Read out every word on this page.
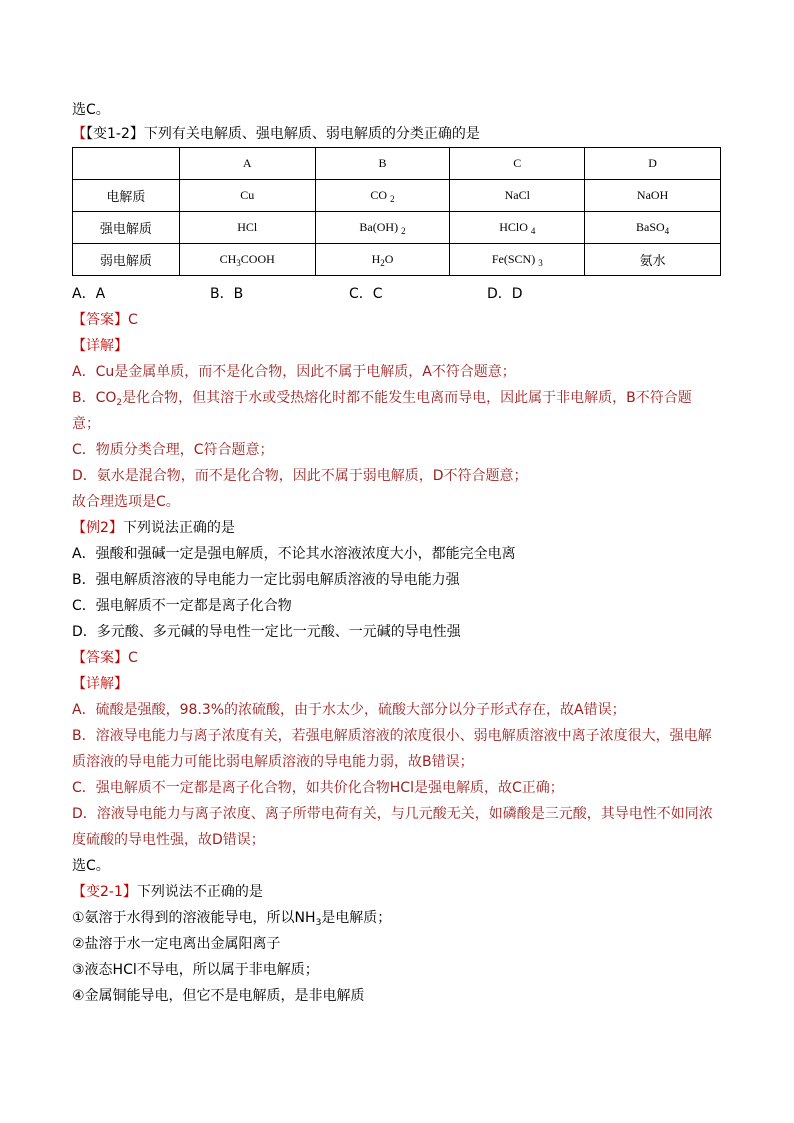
选C。
【【变1-2】下列有关电解质、强电解质、弱电解质的分类正确的是
	A	B	C	D
电解质	Cu	CO $_2$	NaCl	NaOH
强电解质	HCl	Ba(OH) $_2$	HClO $_4$	BaSO$_4$
弱电解质	$CH_3COOH$	$H_2O$	Fe(SCN) $_3$	氨水
A．A	B．B	C．C	D．D
【答案】C
【详解】
A．Cu是金属单质，而不是化合物，因此不属于电解质，A不符合题意；
B．$CO_2$是化合物，但其溶于水或受热熔化时都不能发生电离而导电，因此属于非电解质，B不符合题
意；
C．物质分类合理，C符合题意；
D．氨水是混合物，而不是化合物，因此不属于弱电解质，D不符合题意；
故合理选项是C。
【例2】下列说法正确的是
A．强酸和强碱一定是强电解质，不论其水溶液浓度大小，都能完全电离
B．强电解质溶液的导电能力一定比弱电解质溶液的导电能力强
C．强电解质不一定都是离子化合物
D．多元酸、多元碱的导电性一定比一元酸、一元碱的导电性强
【答案】C
【详解】
A．硫酸是强酸，98.3%的浓硫酸，由于水太少，硫酸大部分以分子形式存在，故A错误；
B．溶液导电能力与离子浓度有关，若强电解质溶液的浓度很小、弱电解质溶液中离子浓度很大，强电解
质溶液的导电能力可能比弱电解质溶液的导电能力弱，故B错误；
C．强电解质不一定都是离子化合物，如共价化合物HCl是强电解质，故C正确；
D．溶液导电能力与离子浓度、离子所带电荷有关，与几元酸无关，如磷酸是三元酸，其导电性不如同浓
度硫酸的导电性强，故D错误；
选C。
【变2-1】下列说法不正确的是
①氨溶于水得到的溶液能导电，所以$NH_3$是电解质；
②盐溶于水一定电离出金属阳离子
③液态HCl不导电，所以属于非电解质；
④金属铜能导电，但它不是电解质，是非电解质
